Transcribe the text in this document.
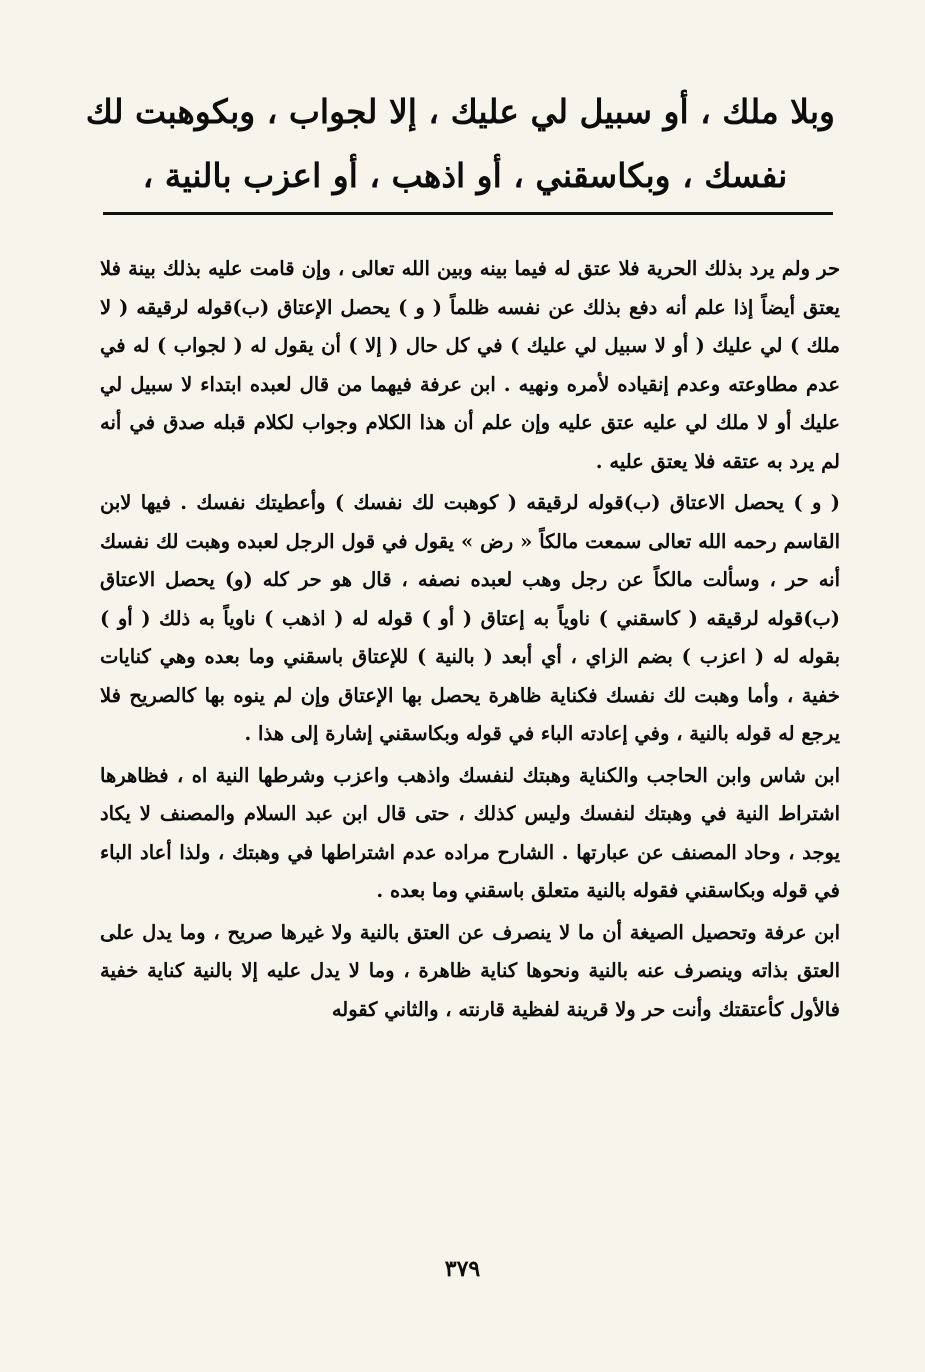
وبلا ملك ، أو سبيل لي عليك ، إلا لجواب ، وبكوهبت لك

نفسك ، وبكاسقني ، أو اذهب ، أو اعزب بالنية ،

حر ولم يرد بذلك الحرية فلا عتق له فيما بينه وبين الله تعالى ، وإن قامت عليه بذلك بينة فلا يعتق أيضاً إذا علم أنه دفع بذلك عن نفسه ظلماً ( و ) يحصل الإعتاق (ب)قوله لرقيقه ( لا ملك ) لي عليك ( أو لا سبيل لي عليك ) في كل حال ( إلا ) أن يقول له ( لجواب ) له في عدم مطاوعته وعدم إنقياده لأمره ونهيه . ابن عرفة فيهما من قال لعبده ابتداء لا سبيل لي عليك أو لا ملك لي عليه عتق عليه وإن علم أن هذا الكلام وجواب لكلام قبله صدق في أنه لم يرد به عتقه فلا يعتق عليه .

( و ) يحصل الاعتاق (ب)قوله لرقيقه ( كوهبت لك نفسك ) وأعطيتك نفسك . فيها لابن القاسم رحمه الله تعالى سمعت مالكاً « رض » يقول في قول الرجل لعبده وهبت لك نفسك أنه حر ، وسألت مالكاً عن رجل وهب لعبده نصفه ، قال هو حر كله (و) يحصل الاعتاق (ب)قوله لرقيقه ( كاسقني ) ناوياً به إعتاق ( أو ) قوله له ( اذهب ) ناوياً به ذلك ( أو ) بقوله له ( اعزب ) بضم الزاي ، أي أبعد ( بالنية ) للإعتاق باسقني وما بعده وهي كنايات خفية ، وأما وهبت لك نفسك فكناية ظاهرة يحصل بها الإعتاق وإن لم ينوه بها كالصريح فلا يرجع له قوله بالنية ، وفي إعادته الباء في قوله وبكاسقني إشارة إلى هذا .

ابن شاس وابن الحاجب والكناية وهبتك لنفسك واذهب واعزب وشرطها النية اه ، فظاهرها اشتراط النية في وهبتك لنفسك وليس كذلك ، حتى قال ابن عبد السلام والمصنف لا يكاد يوجد ، وحاد المصنف عن عبارتها . الشارح مراده عدم اشتراطها في وهبتك ، ولذا أعاد الباء في قوله وبكاسقني فقوله بالنية متعلق باسقني وما بعده .

ابن عرفة وتحصيل الصيغة أن ما لا ينصرف عن العتق بالنية ولا غيرها صريح ، وما يدل على العتق بذاته وينصرف عنه بالنية ونحوها كناية ظاهرة ، وما لا يدل عليه إلا بالنية كناية خفية فالأول كأعتقتك وأنت حر ولا قرينة لفظية قارنته ، والثاني كقوله

٣٧٩
